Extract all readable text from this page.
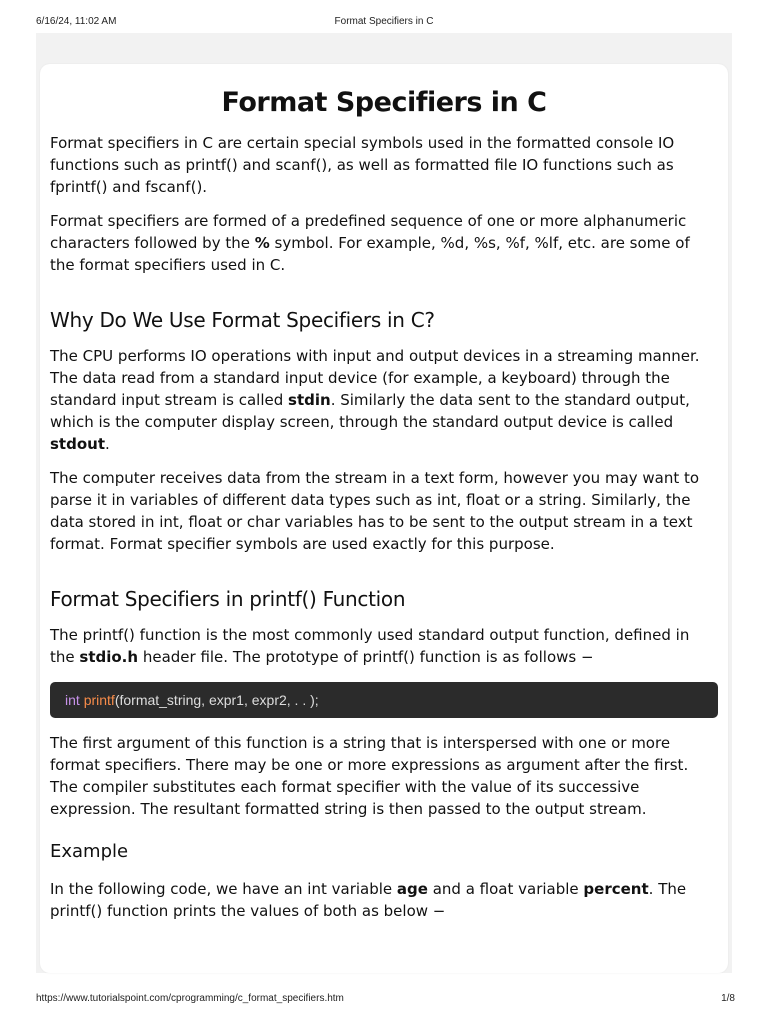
6/16/24, 11:02 AM	Format Specifiers in C
Format Specifiers in C

Format specifiers in C are certain special symbols used in the formatted console IO functions such as printf() and scanf(), as well as formatted file IO functions such as fprintf() and fscanf().

Format specifiers are formed of a predefined sequence of one or more alphanumeric characters followed by the % symbol. For example, %d, %s, %f, %lf, etc. are some of the format specifiers used in C.

Why Do We Use Format Specifiers in C?

The CPU performs IO operations with input and output devices in a streaming manner. The data read from a standard input device (for example, a keyboard) through the standard input stream is called stdin. Similarly the data sent to the standard output, which is the computer display screen, through the standard output device is called stdout.

The computer receives data from the stream in a text form, however you may want to parse it in variables of different data types such as int, float or a string. Similarly, the data stored in int, float or char variables has to be sent to the output stream in a text format. Format specifier symbols are used exactly for this purpose.

Format Specifiers in printf() Function

The printf() function is the most commonly used standard output function, defined in the stdio.h header file. The prototype of printf() function is as follows −

int printf(format_string, expr1, expr2, . . );

The first argument of this function is a string that is interspersed with one or more format specifiers. There may be one or more expressions as argument after the first. The compiler substitutes each format specifier with the value of its successive expression. The resultant formatted string is then passed to the output stream.

Example

In the following code, we have an int variable age and a float variable percent. The printf() function prints the values of both as below −

https://www.tutorialspoint.com/cprogramming/c_format_specifiers.htm	1/8
